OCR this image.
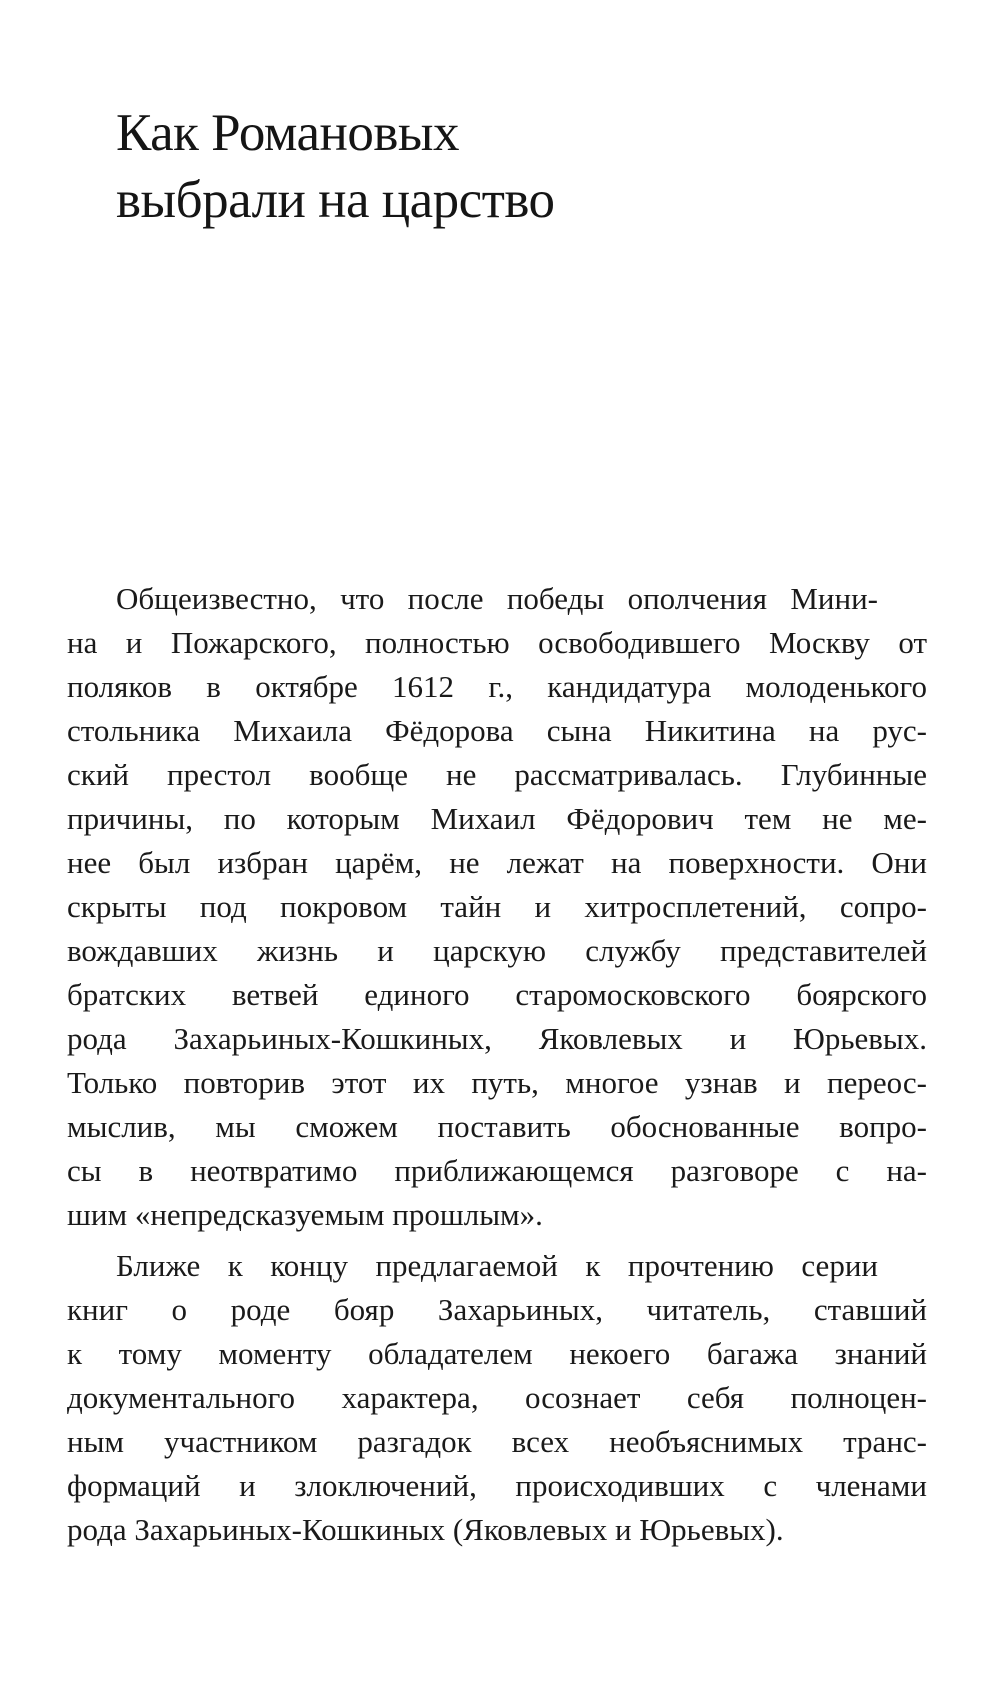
Как Романовых
выбрали на царство
Общеизвестно, что после победы ополчения Мини-
на и Пожарского, полностью освободившего Москву от
поляков в октябре 1612 г., кандидатура молоденького
стольника Михаила Фёдорова сына Никитина на рус-
ский престол вообще не рассматривалась. Глубинные
причины, по которым Михаил Фёдорович тем не ме-
нее был избран царём, не лежат на поверхности. Они
скрыты под покровом тайн и хитросплетений, сопро-
вождавших жизнь и царскую службу представителей
братских ветвей единого старомосковского боярского
рода Захарьиных-Кошкиных, Яковлевых и Юрьевых.
Только повторив этот их путь, многое узнав и переос-
мыслив, мы сможем поставить обоснованные вопро-
сы в неотвратимо приближающемся разговоре с на-
шим «непредсказуемым прошлым».
Ближе к концу предлагаемой к прочтению серии
книг о роде бояр Захарьиных, читатель, ставший
к тому моменту обладателем некоего багажа знаний
документального характера, осознает себя полноцен-
ным участником разгадок всех необъяснимых транс-
формаций и злоключений, происходивших с членами
рода Захарьиных-Кошкиных (Яковлевых и Юрьевых).
